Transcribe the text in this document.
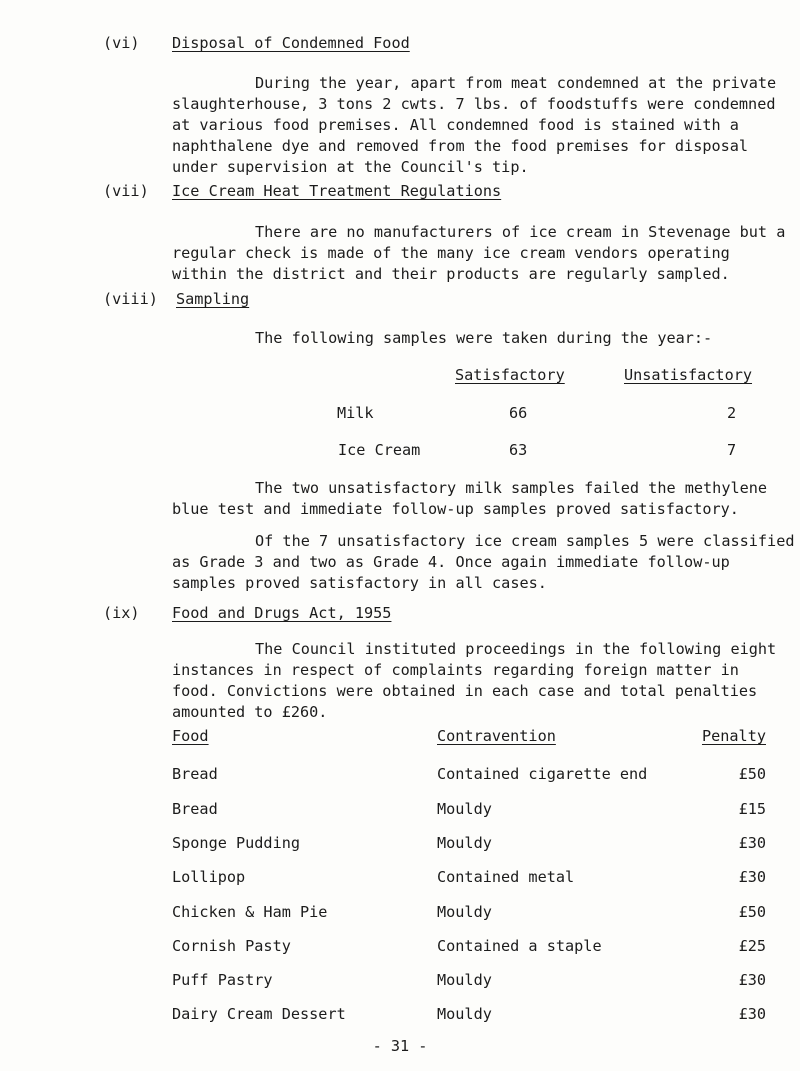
(vi) Disposal of Condemned Food
During the year, apart from meat condemned at the private
slaughterhouse, 3 tons 2 cwts. 7 lbs. of foodstuffs were condemned
at various food premises. All condemned food is stained with a
naphthalene dye and removed from the food premises for disposal
under supervision at the Council's tip.
(vii) Ice Cream Heat Treatment Regulations
There are no manufacturers of ice cream in Stevenage but a
regular check is made of the many ice cream vendors operating
within the district and their products are regularly sampled.
(viii) Sampling
The following samples were taken during the year:-
Satisfactory	Unsatisfactory
Milk	66	2
Ice Cream	63	7
The two unsatisfactory milk samples failed the methylene
blue test and immediate follow-up samples proved satisfactory.
Of the 7 unsatisfactory ice cream samples 5 were classified
as Grade 3 and two as Grade 4. Once again immediate follow-up
samples proved satisfactory in all cases.
(ix) Food and Drugs Act, 1955
The Council instituted proceedings in the following eight
instances in respect of complaints regarding foreign matter in
food. Convictions were obtained in each case and total penalties
amounted to £260.
Food	Contravention	Penalty
Bread	Contained cigarette end	£50
Bread	Mouldy	£15
Sponge Pudding	Mouldy	£30
Lollipop	Contained metal	£30
Chicken & Ham Pie	Mouldy	£50
Cornish Pasty	Contained a staple	£25
Puff Pastry	Mouldy	£30
Dairy Cream Dessert	Mouldy	£30
- 31 -
